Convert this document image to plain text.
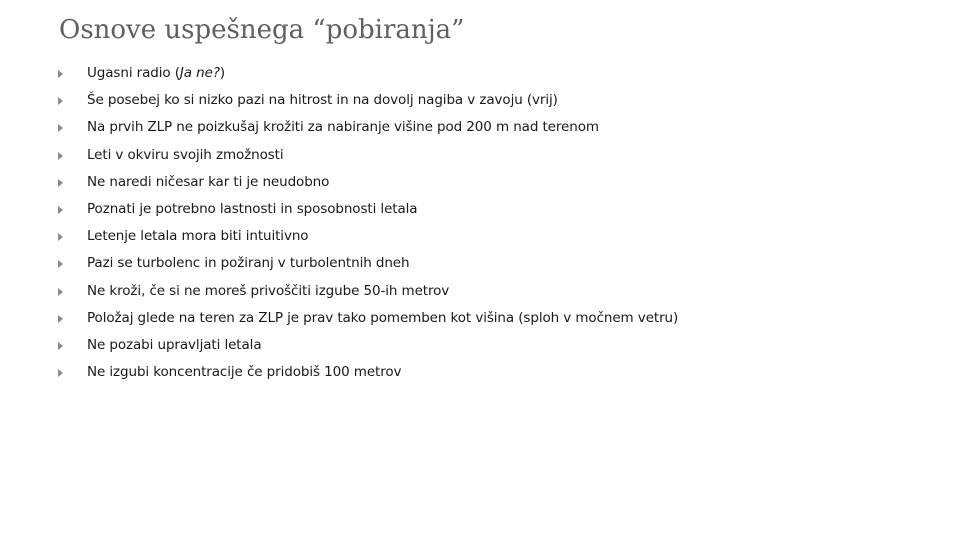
Osnove uspešnega “pobiranja”
Ugasni radio (Ja ne?)
Še posebej ko si nizko pazi na hitrost in na dovolj nagiba v zavoju (vrij)
Na prvih ZLP ne poizkušaj krožiti za nabiranje višine pod 200 m nad terenom
Leti v okviru svojih zmožnosti
Ne naredi ničesar kar ti je neudobno
Poznati je potrebno lastnosti in sposobnosti letala
Letenje letala mora biti intuitivno
Pazi se turbolenc in požiranj v turbolentnih dneh
Ne kroži, če si ne moreš privoščiti izgube 50-ih metrov
Položaj glede na teren za ZLP je prav tako pomemben kot višina (sploh v močnem vetru)
Ne pozabi upravljati letala
Ne izgubi koncentracije če pridobiš 100 metrov
